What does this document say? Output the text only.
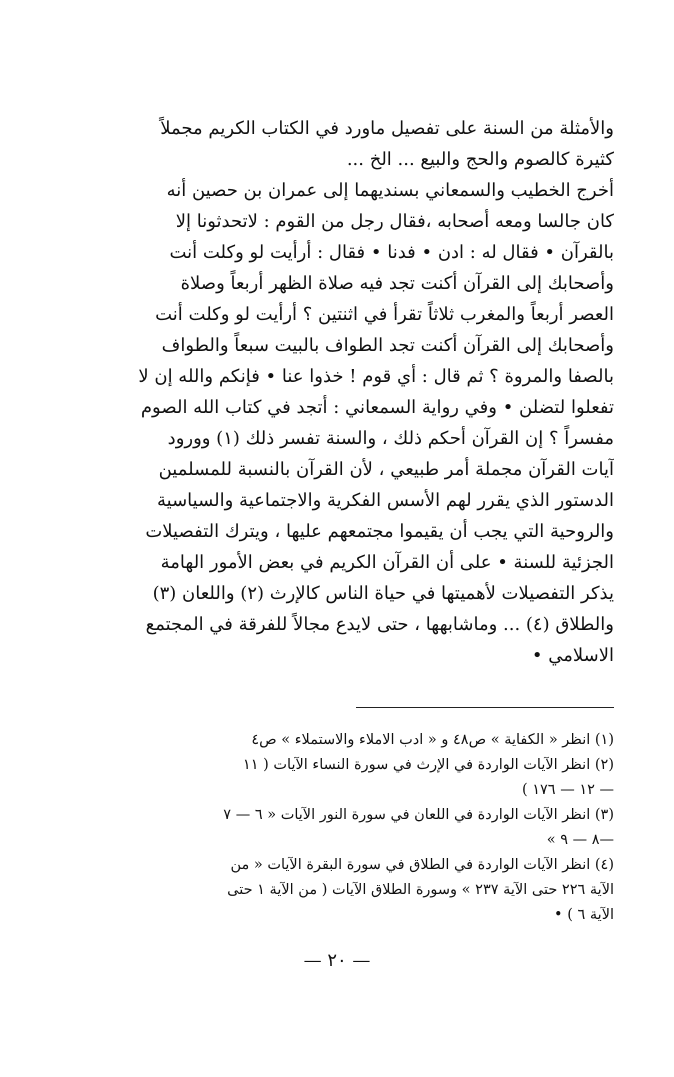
والأمثلة من السنة على تفصيل ماورد في الكتاب الكريم مجملاً
كثيرة كالصوم والحج والبيع ... الخ ...
أخرج الخطيب والسمعاني بسنديهما إلى عمران بن حصين أنه
كان جالسا ومعه أصحابه ،فقال رجل من القوم : لاتحدثونا إلا
بالقرآن • فقال له : ادن • فدنا • فقال : أرأيت لو وكلت أنت
وأصحابك إلى القرآن أكنت تجد فيه صلاة الظهر أربعاً وصلاة
العصر أربعاً والمغرب ثلاثاً تقرأ في اثنتين ؟ أرأيت لو وكلت أنت
وأصحابك إلى القرآن أكنت تجد الطواف بالبيت سبعاً والطواف
بالصفا والمروة ؟ ثم قال : أي قوم ! خذوا عنا • فإنكم والله إن لا
تفعلوا لتضلن • وفي رواية السمعاني : أتجد في كتاب الله الصوم
مفسراً ؟ إن القرآن أحكم ذلك ، والسنة تفسر ذلك (١) وورود
آيات القرآن مجملة أمر طبيعي ، لأن القرآن بالنسبة للمسلمين
الدستور الذي يقرر لهم الأسس الفكرية والاجتماعية والسياسية
والروحية التي يجب أن يقيموا مجتمعهم عليها ، ويترك التفصيلات
الجزئية للسنة • على أن القرآن الكريم في بعض الأمور الهامة
يذكر التفصيلات لأهميتها في حياة الناس كالإرث (٢) واللعان (٣)
والطلاق (٤) ... وماشابهها ، حتى لايدع مجالاً للفرقة في المجتمع
الاسلامي •
(١) انظر « الكفاية » ص٤٨ و « ادب الاملاء والاستملاء » ص٤
(٢) انظر الآيات الواردة في الإرث في سورة النساء الآيات ( ١١
— ١٢ — ١٧٦ )
(٣) انظر الآيات الواردة في اللعان في سورة النور الآيات « ٦ — ٧
—٨ — ٩ »
(٤) انظر الآيات الواردة في الطلاق في سورة البقرة الآيات « من
الآية ٢٢٦ حتى الآية ٢٣٧ » وسورة الطلاق الآيات ( من الآية ١ حتى
الآية ٦ ) •
— ٢٠ —
